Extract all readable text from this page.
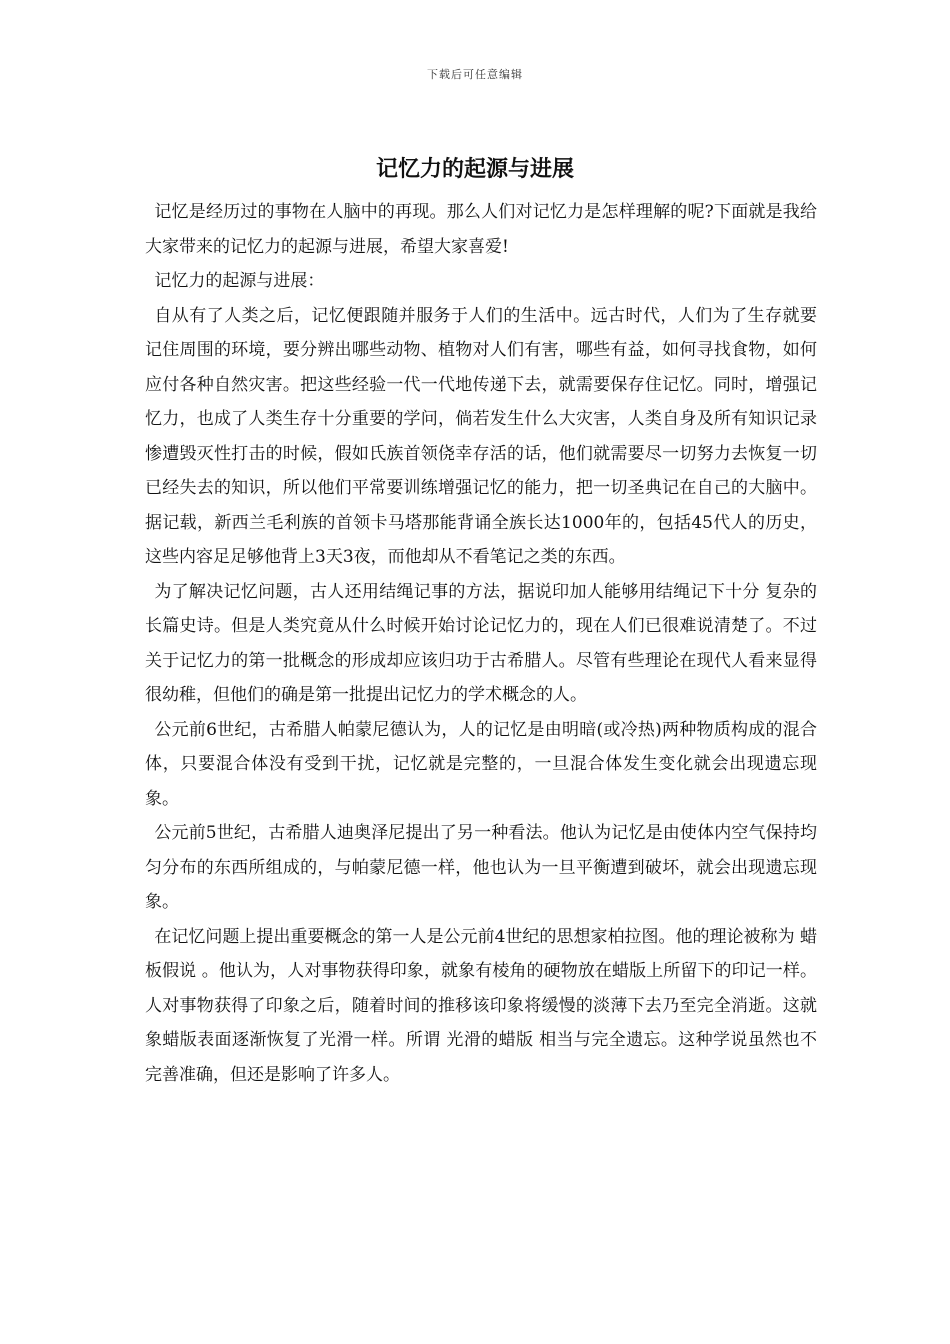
下载后可任意编辑
记忆力的起源与进展

记忆是经历过的事物在人脑中的再现。那么人们对记忆力是怎样理解的呢?下面就是我给大家带来的记忆力的起源与进展，希望大家喜爱!

记忆力的起源与进展：

自从有了人类之后，记忆便跟随并服务于人们的生活中。远古时代，人们为了生存就要记住周围的环境，要分辨出哪些动物、植物对人们有害，哪些有益，如何寻找食物，如何应付各种自然灾害。把这些经验一代一代地传递下去，就需要保存住记忆。同时，增强记忆力，也成了人类生存十分重要的学问，倘若发生什么大灾害，人类自身及所有知识记录惨遭毁灭性打击的时候，假如氏族首领侥幸存活的话，他们就需要尽一切努力去恢复一切已经失去的知识，所以他们平常要训练增强记忆的能力，把一切圣典记在自己的大脑中。据记载，新西兰毛利族的首领卡马塔那能背诵全族长达1000年的，包括45代人的历史，这些内容足足够他背上3天3夜，而他却从不看笔记之类的东西。

为了解决记忆问题，古人还用结绳记事的方法，据说印加人能够用结绳记下十分 复杂的长篇史诗。但是人类究竟从什么时候开始讨论记忆力的，现在人们已很难说清楚了。不过关于记忆力的第一批概念的形成却应该归功于古希腊人。尽管有些理论在现代人看来显得很幼稚，但他们的确是第一批提出记忆力的学术概念的人。

公元前6世纪，古希腊人帕蒙尼德认为，人的记忆是由明暗(或冷热)两种物质构成的混合体，只要混合体没有受到干扰，记忆就是完整的，一旦混合体发生变化就会出现遗忘现象。

公元前5世纪，古希腊人迪奥泽尼提出了另一种看法。他认为记忆是由使体内空气保持均匀分布的东西所组成的，与帕蒙尼德一样，他也认为一旦平衡遭到破坏，就会出现遗忘现象。

在记忆问题上提出重要概念的第一人是公元前4世纪的思想家柏拉图。他的理论被称为 蜡板假说 。他认为，人对事物获得印象，就象有棱角的硬物放在蜡版上所留下的印记一样。人对事物获得了印象之后，随着时间的推移该印象将缓慢的淡薄下去乃至完全消逝。这就象蜡版表面逐渐恢复了光滑一样。所谓 光滑的蜡版 相当与完全遗忘。这种学说虽然也不完善准确，但还是影响了许多人。
